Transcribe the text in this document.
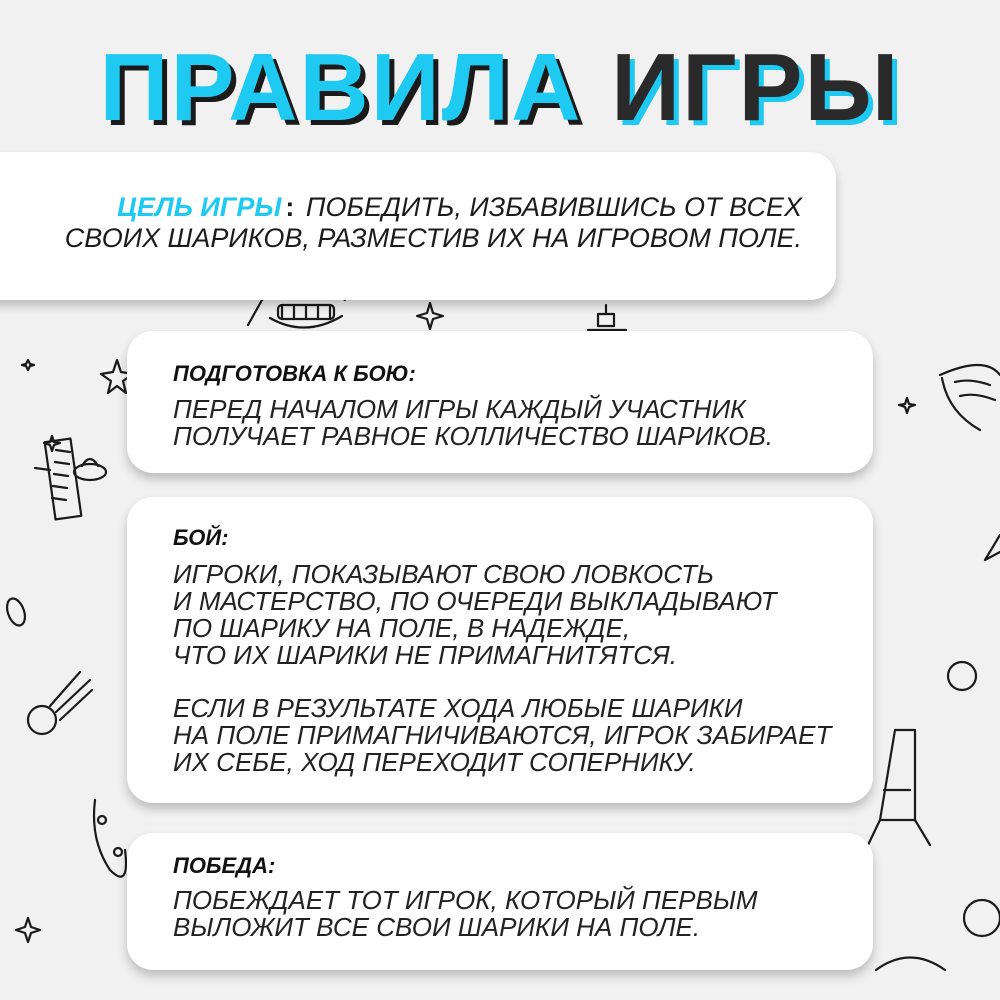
ПРАВИЛА ИГРЫ
ЦЕЛЬ ИГРЫ : ПОБЕДИТЬ, ИЗБАВИВШИСЬ ОТ ВСЕХ СВОИХ ШАРИКОВ, РАЗМЕСТИВ ИХ НА ИГРОВОМ ПОЛЕ.
ПОДГОТОВКА К БОЮ:
ПЕРЕД НАЧАЛОМ ИГРЫ КАЖДЫЙ УЧАСТНИК
ПОЛУЧАЕТ РАВНОЕ КОЛЛИЧЕСТВО ШАРИКОВ.
БОЙ:
ИГРОКИ, ПОКАЗЫВАЮТ СВОЮ ЛОВКОСТЬ
И МАСТЕРСТВО, ПО ОЧЕРЕДИ ВЫКЛАДЫВАЮТ
ПО ШАРИКУ НА ПОЛЕ, В НАДЕЖДЕ,
ЧТО ИХ ШАРИКИ НЕ ПРИМАГНИТЯТСЯ.
ЕСЛИ В РЕЗУЛЬТАТЕ ХОДА ЛЮБЫЕ ШАРИКИ
НА ПОЛЕ ПРИМАГНИЧИВАЮТСЯ, ИГРОК ЗАБИРАЕТ
ИХ СЕБЕ, ХОД ПЕРЕХОДИТ СОПЕРНИКУ.
ПОБЕДА:
ПОБЕЖДАЕТ ТОТ ИГРОК, КОТОРЫЙ ПЕРВЫМ
ВЫЛОЖИТ ВСЕ СВОИ ШАРИКИ НА ПОЛЕ.
